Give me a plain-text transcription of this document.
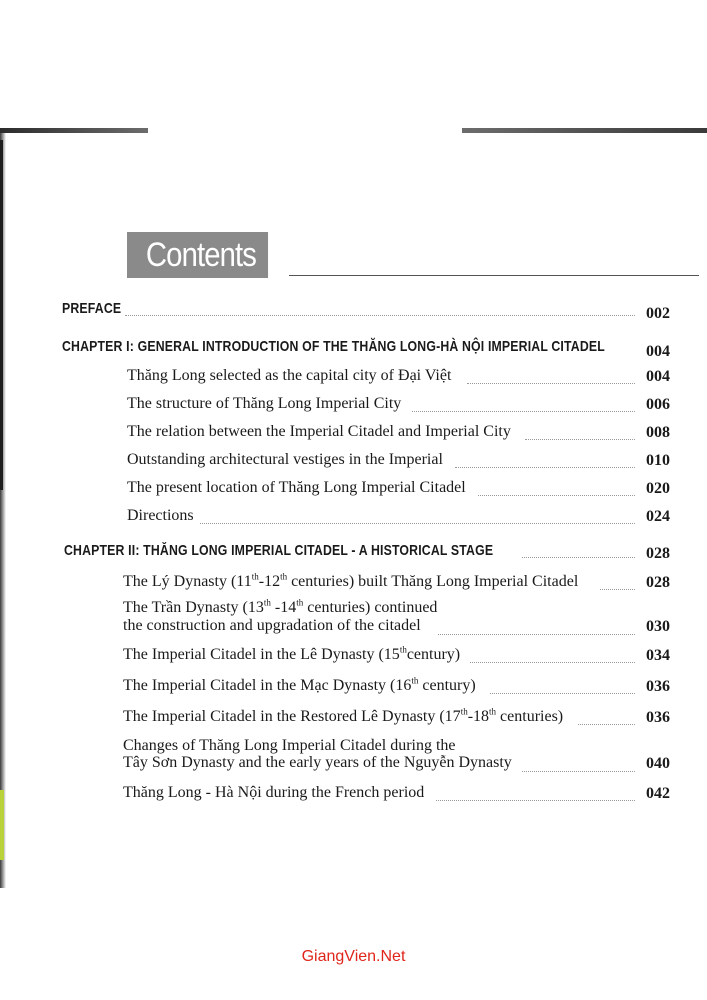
Contents
PREFACE	002
CHAPTER I: GENERAL INTRODUCTION OF THE THĂNG LONG-HÀ NỘI IMPERIAL CITADEL	004
Thăng Long selected as the capital city of Đại Việt	004
The structure of Thăng Long Imperial City	006
The relation between the Imperial Citadel and Imperial City	008
Outstanding architectural vestiges in the Imperial	010
The present location of Thăng Long Imperial Citadel	020
Directions	024
CHAPTER II: THĂNG LONG IMPERIAL CITADEL - A HISTORICAL STAGE	028
The Lý Dynasty (11th-12th centuries) built Thăng Long Imperial Citadel	028
The Trần Dynasty (13th -14th centuries) continued
the construction and upgradation of the citadel	030
The Imperial Citadel in the Lê Dynasty (15thcentury)	034
The Imperial Citadel in the Mạc Dynasty (16th century)	036
The Imperial Citadel in the Restored Lê Dynasty (17th-18th centuries)	036
Changes of Thăng Long Imperial Citadel during the
Tây Sơn Dynasty and the early years of the Nguyễn Dynasty	040
Thăng Long - Hà Nội during the French period	042
GiangVien.Net
